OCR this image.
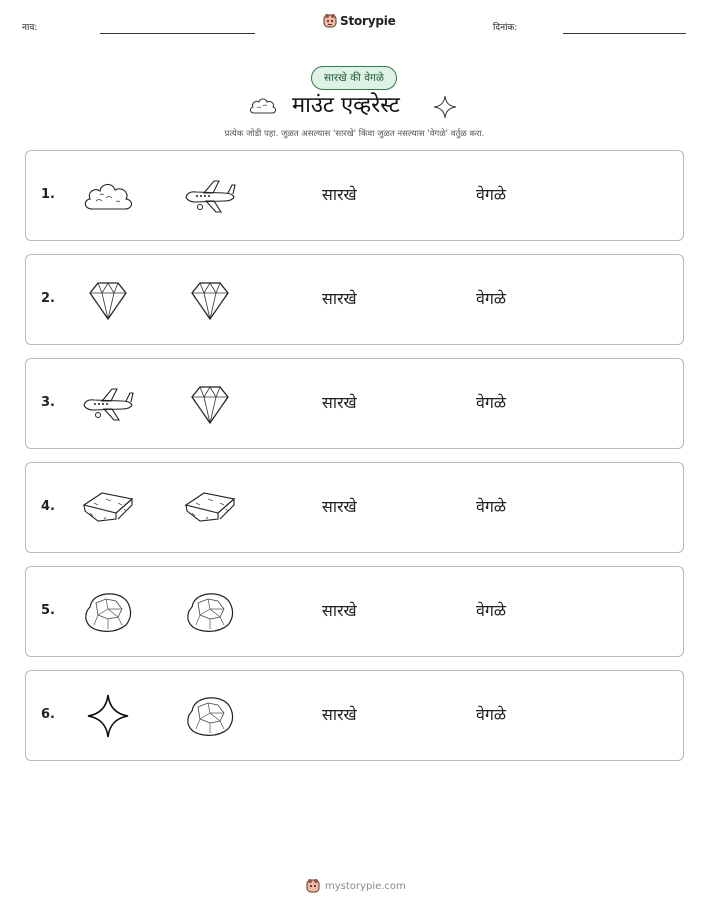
नाव:	Storypie	दिनांक:
सारखे की वेगळे
माउंट एव्हरेस्ट
प्रत्येक जोडी पहा. जुळत असल्यास 'सारखे' किंवा जुळत नसल्यास 'वेगळे' वर्तुळ करा.
1.	सारखे	वेगळे
2.	सारखे	वेगळे
3.	सारखे	वेगळे
4.	सारखे	वेगळे
5.	सारखे	वेगळे
6.	सारखे	वेगळे
mystorypie.com
